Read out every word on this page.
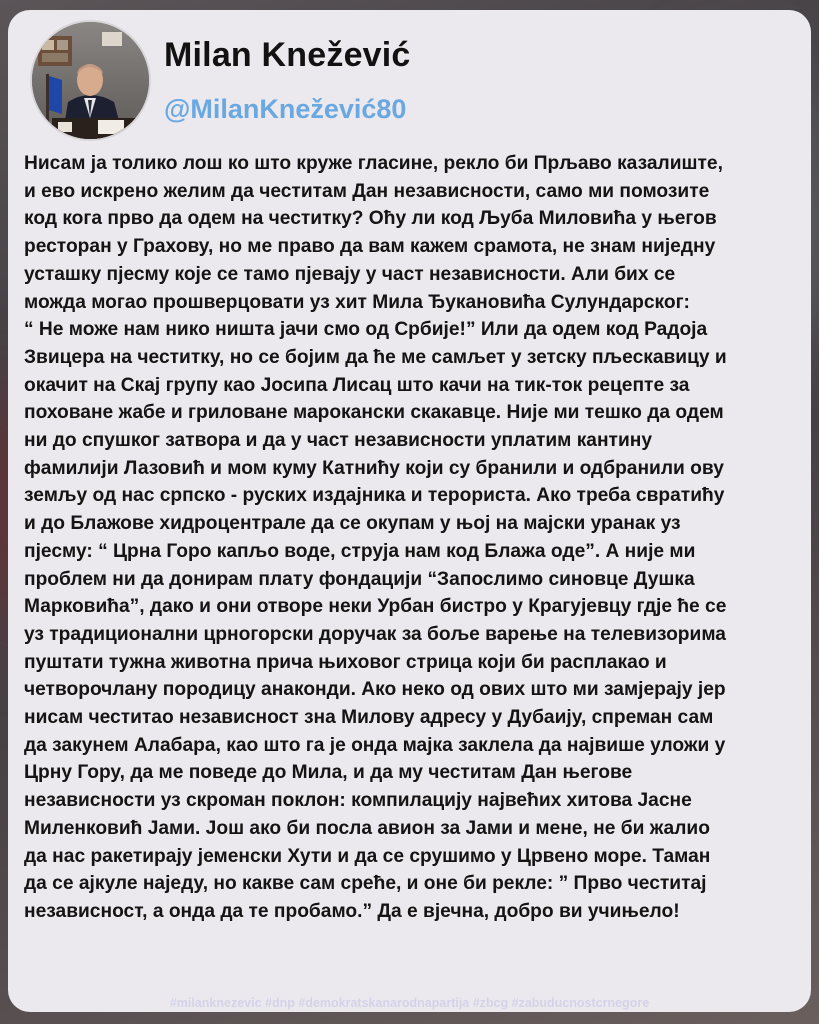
Milan Knežević
@MilanKnežević80

Нисам ја толико лош ко што круже гласине, рекло би Прљаво казалиште,
и ево искрено желим да честитам Дан независности, само ми помозите
код кога прво да одем на честитку? Оћу ли код Љуба Миловића у његов
ресторан у Грахову, но ме право да вам кажем срамота, не знам ниједну
усташку пјесму које се тамо пјевају у част независности. Али бих се
можда могао прошверцовати уз хит Мила Ђукановића Сулундарског:
“ Не може нам нико ништа јачи смо од Србије!” Или да одем код Радоја
Звицера на честитку, но се бојим да ће ме самљет у зетску пљескавицу и
окачит на Скај групу као Јосипа Лисац што качи на тик-ток рецепте за
поховане жабе и гриловане марокански скакавце. Није ми тешко да одем
ни до спушког затвора и да у част независности уплатим кантину
фамилији Лазовић и мом куму Катнићу који су бранили и одбранили ову
земљу од нас српско - руских издајника и терориста. Ако треба свратићу
и до Блажове хидроцентрале да се окупам у њој на мајски уранак уз
пјесму: “ Црна Горо капљо воде, струја нам код Блажа оде”. А није ми
проблем ни да донирам плату фондацији “Запослимо синовце Душка
Марковића”, дако и они отворе неки Урбан бистро у Крагујевцу гдје ће се
уз традиционални црногорски доручак за боље варење на телевизорима
пуштати тужна животна прича њиховог стрица који би расплакао и
четворочлану породицу анаконди. Ако неко од ових што ми замјерају јер
нисам честитао независност зна Милову адресу у Дубаију, спреман сам
да закунем Алабара, као што га је онда мајка заклела да највише уложи у
Црну Гору, да ме поведе до Мила, и да му честитам Дан његове
независности уз скроман поклон: компилацију највећих хитова Јасне
Миленковић Јами. Још ако би посла авион за Јами и мене, не би жалио
да нас ракетирају јеменски Хути и да се срушимо у Црвено море. Таман
да се ајкуле наједу, но какве сам среће, и оне би рекле: ” Прво честитај
независност, а онда да те пробамо.” Да е вјечна, добро ви учињело!

#milanknezevic #dnp #demokratskanarodnapartija #zbcg #zabuducnostcrnegore
